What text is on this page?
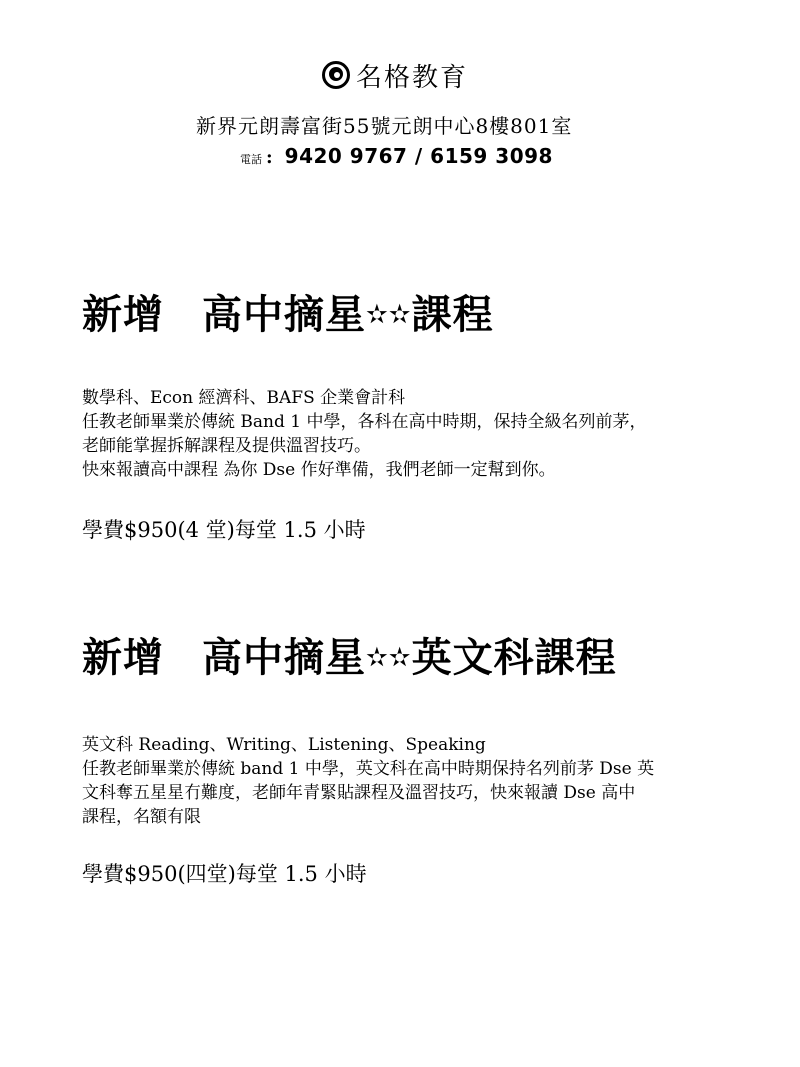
名格教育
新界元朗壽富街55號元朗中心8樓801室
電話 : 9420 9767 / 6159 3098
新增 高中摘星✫✫課程
數學科、Econ 經濟科、BAFS 企業會計科
任教老師畢業於傳統 Band 1 中學，各科在高中時期，保持全級名列前茅，
老師能掌握拆解課程及提供溫習技巧。
快來報讀高中課程 為你 Dse 作好準備，我們老師一定幫到你。
學費$950(4 堂)每堂 1.5 小時
新增 高中摘星✫✫英文科課程
英文科 Reading、Writing、Listening、Speaking
任教老師畢業於傳統 band 1 中學，英文科在高中時期保持名列前茅 Dse 英
文科奪五星星冇難度，老師年青緊貼課程及溫習技巧，快來報讀 Dse 高中
課程，名額有限
學費$950(四堂)每堂 1.5 小時
